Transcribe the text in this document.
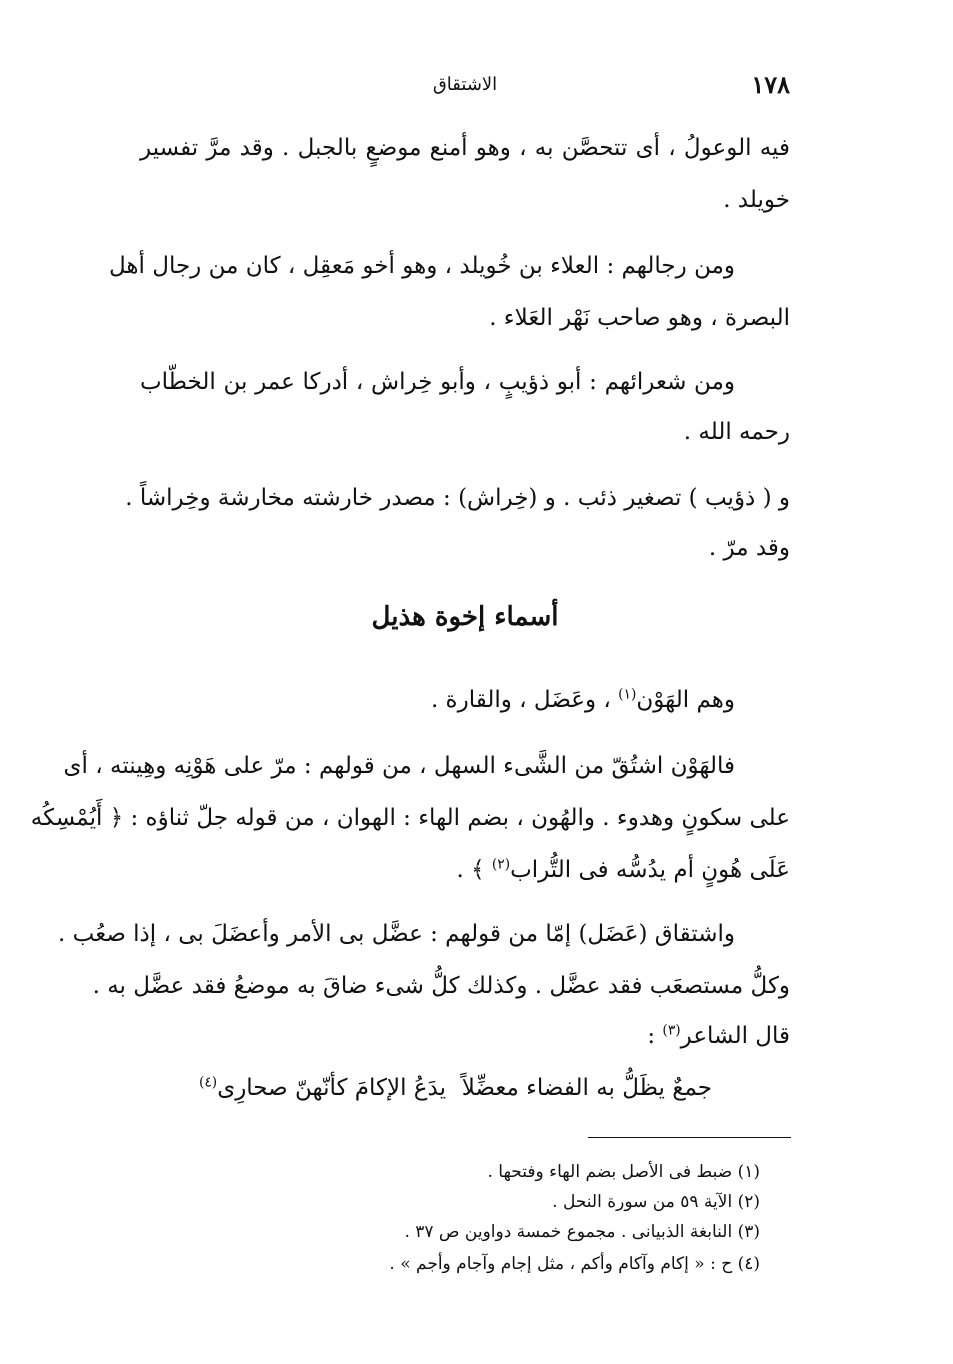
١٧٨
الاشتقاق
فيه الوعولُ ، أى تتحصَّن به ، وهو أمنع موضعٍ بالجبل . وقد مرَّ تفسير
خويلد .
ومن رجالهم : العلاء بن خُويلد ، وهو أخو مَعقِل ، كان من رجال أهل
البصرة ، وهو صاحب نَهْر العَلاء .
ومن شعرائهم : أبو ذؤيبٍ ، وأبو خِراش ، أدركا عمر بن الخطّاب
رحمه الله .
و ( ذؤيب ) تصغير ذئب . و (خِراش) : مصدر خارشته مخارشة وخِراشاً .
وقد مرّ .
أسماء إخوة هذيل
وهم الهَوْن$^{(١)}$ ، وعَضَل ، والقارة .
فالهَوْن اشتُقّ من الشَّىء السهل ، من قولهم : مرّ على هَوْنِه وهِينته ، أى
على سكونٍ وهدوء . والهُون ، بضم الهاء : الهوان ، من قوله جلّ ثناؤه : ﴿ أَيُمْسِكُه
عَلَى هُونٍ أم يدُسُّه فى التُّراب$^{(٢)}$ ﴾ .
واشتقاق (عَضَل) إمّا من قولهم : عضَّل بى الأمر وأعضَلَ بى ، إذا صعُب .
وكلُّ مستصعَب فقد عضَّل . وكذلك كلُّ شىء ضاقَ به موضعُ فقد عضَّل به .
قال الشاعر$^{(٣)}$ :
جمعٌ يظَلُّ به الفضاء معضِّلاً
يدَعُ الإكامَ كأنّهنّ صحارِى$^{(٤)}$
(١) ضبط فى الأصل بضم الهاء وفتحها .
(٢) الآية ٥٩ من سورة النحل .
(٣) النابغة الذبيانى . مجموع خمسة دواوين ص ٣٧ .
(٤) ح : « إكام وآكام وأكم ، مثل إجام وآجام وأجم » .
